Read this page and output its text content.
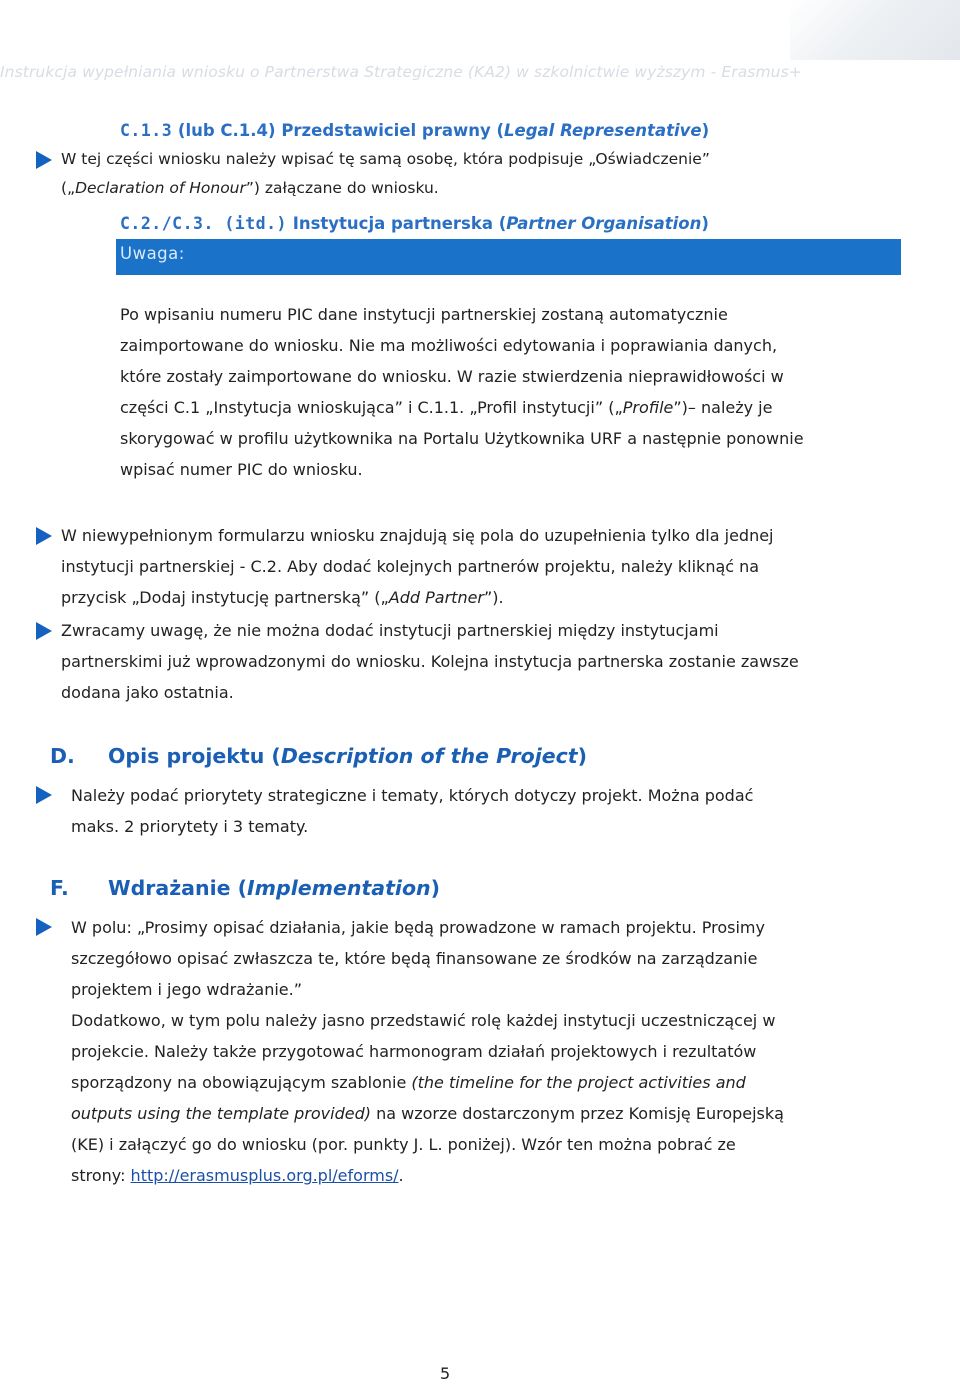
Instrukcja wypełniania wniosku o Partnerstwa Strategiczne (KA2) w szkolnictwie wyższym - Erasmus+
C.1.3 (lub C.1.4) Przedstawiciel prawny (Legal Representative)
W tej części wniosku należy wpisać tę samą osobę, która podpisuje „Oświadczenie”
(„Declaration of Honour”) załączane do wniosku.
C.2./C.3. (itd.) Instytucja partnerska (Partner Organisation)
Uwaga:
Po wpisaniu numeru PIC dane instytucji partnerskiej zostaną automatycznie
zaimportowane do wniosku. Nie ma możliwości edytowania i poprawiania danych,
które zostały zaimportowane do wniosku. W razie stwierdzenia nieprawidłowości w
części C.1 „Instytucja wnioskująca” i C.1.1. „Profil instytucji” („Profile”)– należy je
skorygować w profilu użytkownika na Portalu Użytkownika URF a następnie ponownie
wpisać numer PIC do wniosku.
W niewypełnionym formularzu wniosku znajdują się pola do uzupełnienia tylko dla jednej
instytucji partnerskiej - C.2. Aby dodać kolejnych partnerów projektu, należy kliknąć na
przycisk „Dodaj instytucję partnerską” („Add Partner”).
Zwracamy uwagę, że nie można dodać instytucji partnerskiej między instytucjami
partnerskimi już wprowadzonymi do wniosku. Kolejna instytucja partnerska zostanie zawsze
dodana jako ostatnia.
D. Opis projektu (Description of the Project)
Należy podać priorytety strategiczne i tematy, których dotyczy projekt. Można podać
maks. 2 priorytety i 3 tematy.
F. Wdrażanie (Implementation)
W polu: „Prosimy opisać działania, jakie będą prowadzone w ramach projektu. Prosimy
szczegółowo opisać zwłaszcza te, które będą finansowane ze środków na zarządzanie
projektem i jego wdrażanie.”
Dodatkowo, w tym polu należy jasno przedstawić rolę każdej instytucji uczestniczącej w
projekcie. Należy także przygotować harmonogram działań projektowych i rezultatów
sporządzony na obowiązującym szablonie (the timeline for the project activities and
outputs using the template provided) na wzorze dostarczonym przez Komisję Europejską
(KE) i załączyć go do wniosku (por. punkty J. L. poniżej). Wzór ten można pobrać ze
strony: http://erasmusplus.org.pl/eforms/.
5
